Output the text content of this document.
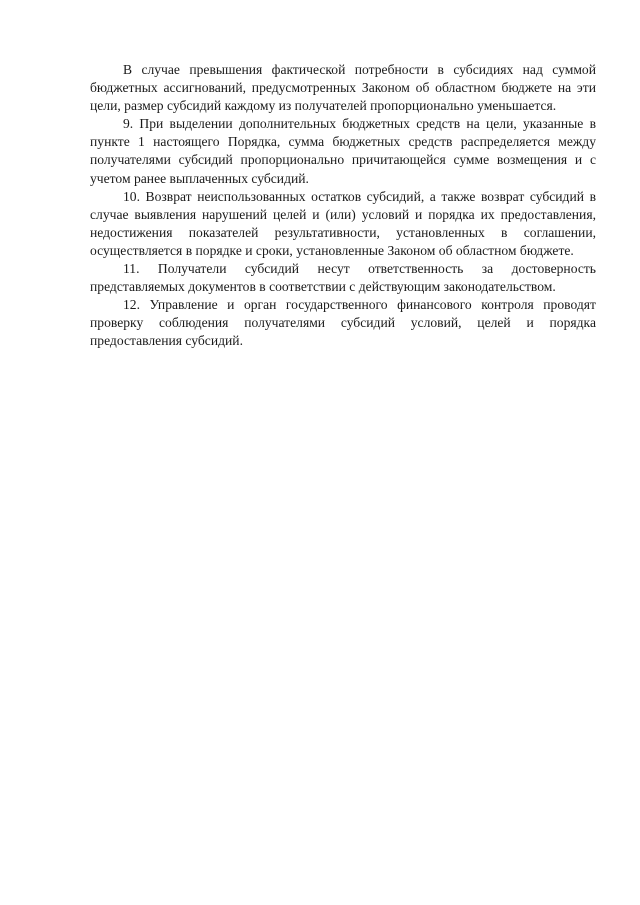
В случае превышения фактической потребности в субсидиях над суммой бюджетных ассигнований, предусмотренных Законом об областном бюджете на эти цели, размер субсидий каждому из получателей пропорционально уменьшается.

9. При выделении дополнительных бюджетных средств на цели, указанные в пункте 1 настоящего Порядка, сумма бюджетных средств распределяется между получателями субсидий пропорционально причитающейся сумме возмещения и с учетом ранее выплаченных субсидий.

10. Возврат неиспользованных остатков субсидий, а также возврат субсидий в случае выявления нарушений целей и (или) условий и порядка их предоставления, недостижения показателей результативности, установленных в соглашении, осуществляется в порядке и сроки, установленные Законом об областном бюджете.

11. Получатели субсидий несут ответственность за достоверность представляемых документов в соответствии с действующим законодательством.

12. Управление и орган государственного финансового контроля проводят проверку соблюдения получателями субсидий условий, целей и порядка предоставления субсидий.
